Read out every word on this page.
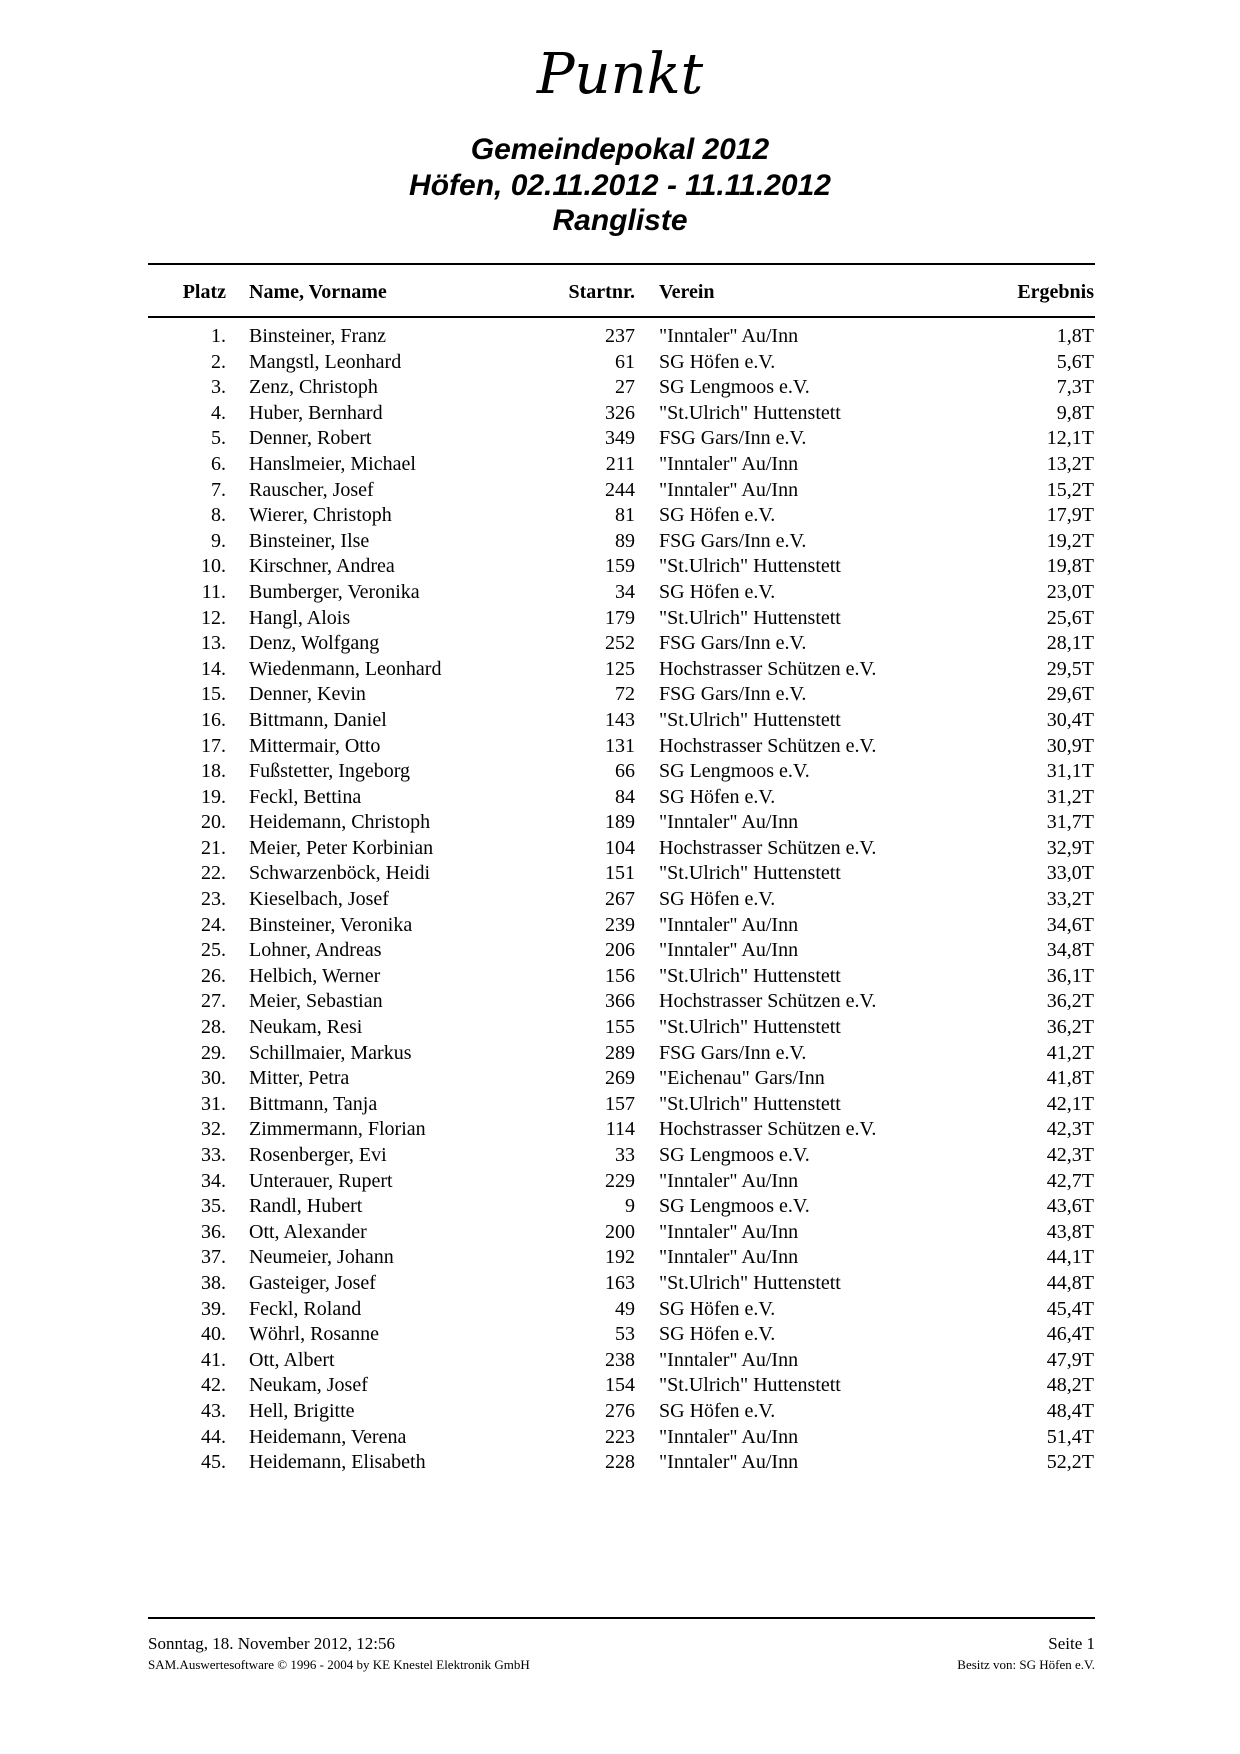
Punkt
Gemeindepokal 2012
Höfen, 02.11.2012 - 11.11.2012
Rangliste
Platz Name, Vorname	Startnr. Verein	Ergebnis
1. Binsteiner, Franz	237 "Inntaler" Au/Inn	1,8T
2. Mangstl, Leonhard	61 SG Höfen e.V.	5,6T
3. Zenz, Christoph	27 SG Lengmoos e.V.	7,3T
4. Huber, Bernhard	326 "St.Ulrich" Huttenstett	9,8T
5. Denner, Robert	349 FSG Gars/Inn e.V.	12,1T
6. Hanslmeier, Michael	211 "Inntaler" Au/Inn	13,2T
7. Rauscher, Josef	244 "Inntaler" Au/Inn	15,2T
8. Wierer, Christoph	81 SG Höfen e.V.	17,9T
9. Binsteiner, Ilse	89 FSG Gars/Inn e.V.	19,2T
10. Kirschner, Andrea	159 "St.Ulrich" Huttenstett	19,8T
11. Bumberger, Veronika	34 SG Höfen e.V.	23,0T
12. Hangl, Alois	179 "St.Ulrich" Huttenstett	25,6T
13. Denz, Wolfgang	252 FSG Gars/Inn e.V.	28,1T
14. Wiedenmann, Leonhard	125 Hochstrasser Schützen e.V.	29,5T
15. Denner, Kevin	72 FSG Gars/Inn e.V.	29,6T
16. Bittmann, Daniel	143 "St.Ulrich" Huttenstett	30,4T
17. Mittermair, Otto	131 Hochstrasser Schützen e.V.	30,9T
18. Fußstetter, Ingeborg	66 SG Lengmoos e.V.	31,1T
19. Feckl, Bettina	84 SG Höfen e.V.	31,2T
20. Heidemann, Christoph	189 "Inntaler" Au/Inn	31,7T
21. Meier, Peter Korbinian	104 Hochstrasser Schützen e.V.	32,9T
22. Schwarzenböck, Heidi	151 "St.Ulrich" Huttenstett	33,0T
23. Kieselbach, Josef	267 SG Höfen e.V.	33,2T
24. Binsteiner, Veronika	239 "Inntaler" Au/Inn	34,6T
25. Lohner, Andreas	206 "Inntaler" Au/Inn	34,8T
26. Helbich, Werner	156 "St.Ulrich" Huttenstett	36,1T
27. Meier, Sebastian	366 Hochstrasser Schützen e.V.	36,2T
28. Neukam, Resi	155 "St.Ulrich" Huttenstett	36,2T
29. Schillmaier, Markus	289 FSG Gars/Inn e.V.	41,2T
30. Mitter, Petra	269 "Eichenau" Gars/Inn	41,8T
31. Bittmann, Tanja	157 "St.Ulrich" Huttenstett	42,1T
32. Zimmermann, Florian	114 Hochstrasser Schützen e.V.	42,3T
33. Rosenberger, Evi	33 SG Lengmoos e.V.	42,3T
34. Unterauer, Rupert	229 "Inntaler" Au/Inn	42,7T
35. Randl, Hubert	9 SG Lengmoos e.V.	43,6T
36. Ott, Alexander	200 "Inntaler" Au/Inn	43,8T
37. Neumeier, Johann	192 "Inntaler" Au/Inn	44,1T
38. Gasteiger, Josef	163 "St.Ulrich" Huttenstett	44,8T
39. Feckl, Roland	49 SG Höfen e.V.	45,4T
40. Wöhrl, Rosanne	53 SG Höfen e.V.	46,4T
41. Ott, Albert	238 "Inntaler" Au/Inn	47,9T
42. Neukam, Josef	154 "St.Ulrich" Huttenstett	48,2T
43. Hell, Brigitte	276 SG Höfen e.V.	48,4T
44. Heidemann, Verena	223 "Inntaler" Au/Inn	51,4T
45. Heidemann, Elisabeth	228 "Inntaler" Au/Inn	52,2T
Sonntag, 18. November 2012, 12:56	Seite 1
SAM.Auswertesoftware © 1996 - 2004 by KE Knestel Elektronik GmbH	Besitz von: SG Höfen e.V.
